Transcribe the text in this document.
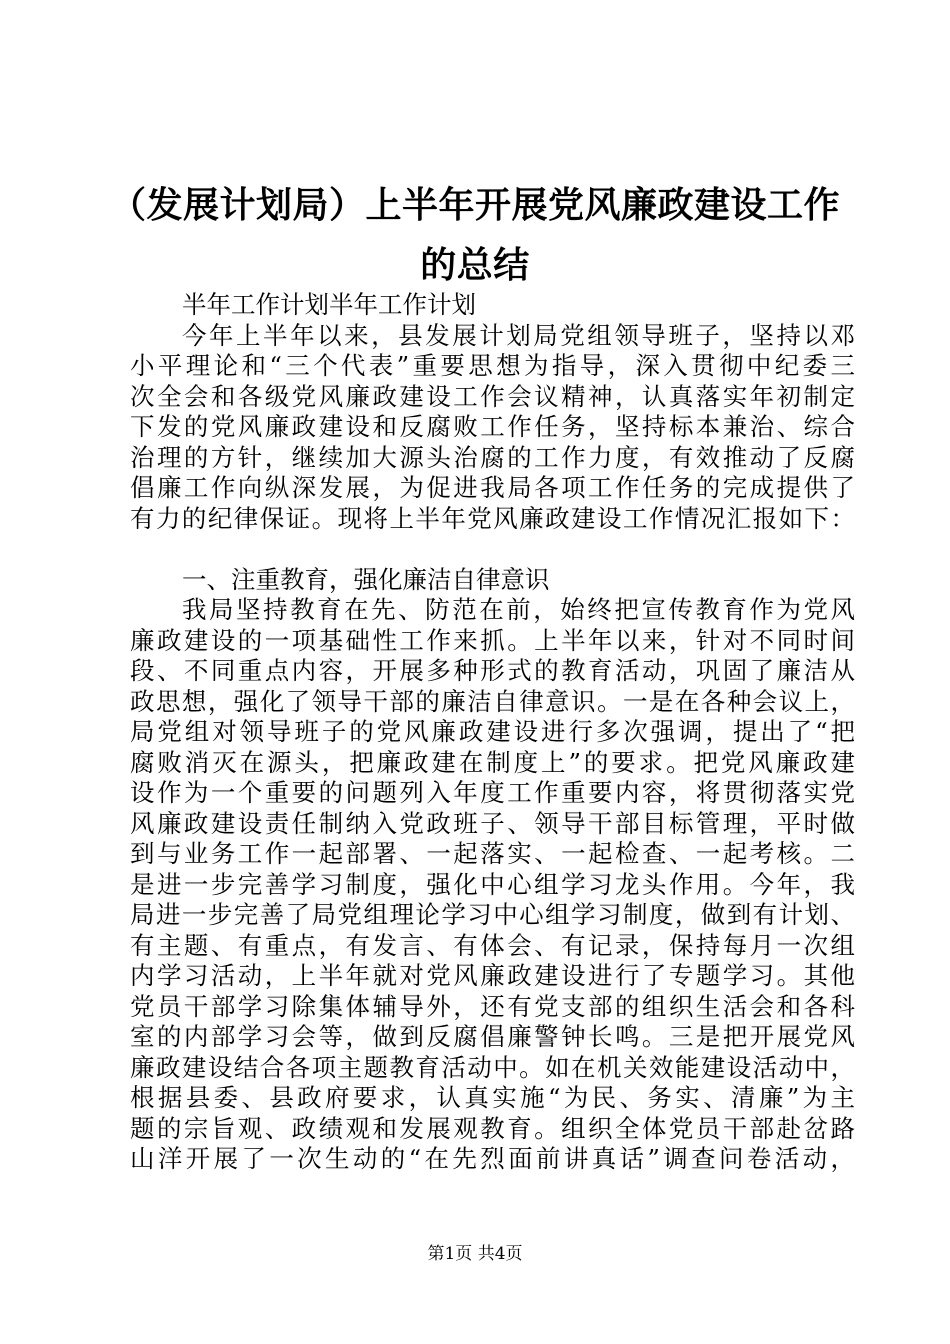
（发展计划局）上半年开展党风廉政建设工作
的总结
半年工作计划半年工作计划
今年上半年以来，县发展计划局党组领导班子，坚持以邓
小平理论和“三个代表”重要思想为指导，深入贯彻中纪委三
次全会和各级党风廉政建设工作会议精神，认真落实年初制定
下发的党风廉政建设和反腐败工作任务，坚持标本兼治、综合
治理的方针，继续加大源头治腐的工作力度，有效推动了反腐
倡廉工作向纵深发展，为促进我局各项工作任务的完成提供了
有力的纪律保证。现将上半年党风廉政建设工作情况汇报如下：
一、注重教育，强化廉洁自律意识
我局坚持教育在先、防范在前，始终把宣传教育作为党风
廉政建设的一项基础性工作来抓。上半年以来，针对不同时间
段、不同重点内容，开展多种形式的教育活动，巩固了廉洁从
政思想，强化了领导干部的廉洁自律意识。一是在各种会议上，
局党组对领导班子的党风廉政建设进行多次强调，提出了“把
腐败消灭在源头，把廉政建在制度上”的要求。把党风廉政建
设作为一个重要的问题列入年度工作重要内容，将贯彻落实党
风廉政建设责任制纳入党政班子、领导干部目标管理，平时做
到与业务工作一起部署、一起落实、一起检查、一起考核。二
是进一步完善学习制度，强化中心组学习龙头作用。今年，我
局进一步完善了局党组理论学习中心组学习制度，做到有计划、
有主题、有重点，有发言、有体会、有记录，保持每月一次组
内学习活动，上半年就对党风廉政建设进行了专题学习。其他
党员干部学习除集体辅导外，还有党支部的组织生活会和各科
室的内部学习会等，做到反腐倡廉警钟长鸣。三是把开展党风
廉政建设结合各项主题教育活动中。如在机关效能建设活动中，
根据县委、县政府要求，认真实施“为民、务实、清廉”为主
题的宗旨观、政绩观和发展观教育。组织全体党员干部赴岔路
山洋开展了一次生动的“在先烈面前讲真话”调查问卷活动，
第1页 共4页
